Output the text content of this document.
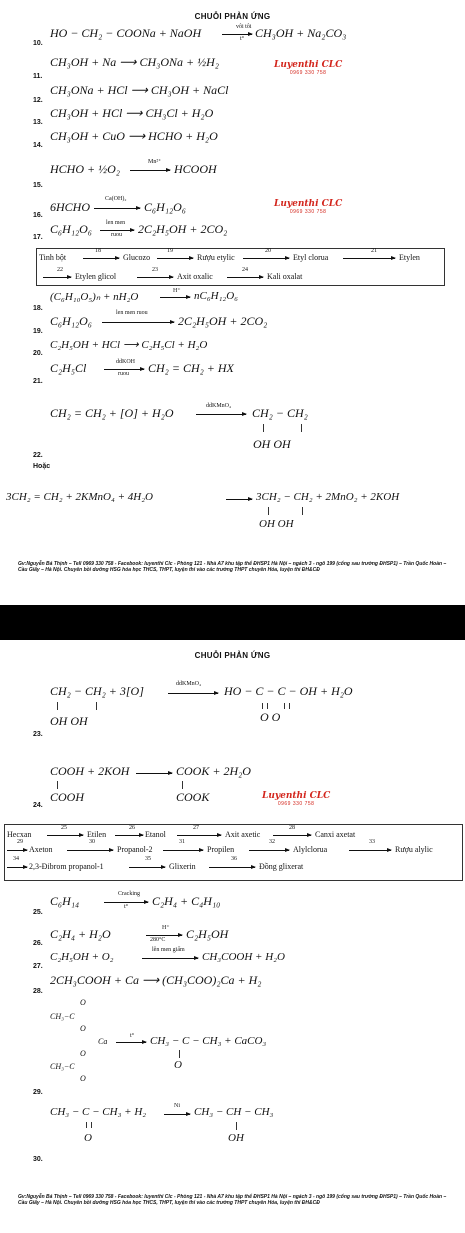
CHUỖI PHẢN ỨNG
10.
HO − CH₂ − COONa + NaOH	vôi tôi
t° CH₃OH + Na₂CO₃
11.
CH₃OH + Na ⟶ CH₃ONa + ½H₂	Luyenthi CLC
0969 330 758
12.
CH₃ONa + HCl ⟶ CH₃OH + NaCl
13.
CH₃OH + HCl ⟶ CH₃Cl + H₂O
14.
CH₃OH + CuO ⟶ HCHO + H₂O
15.
HCHO + ½O₂	Mn²⁺ → HCOOH
16.
6HCHO
Ca(OH)₂
→ C₆H₁₂O₆	Luyenthi CLC
0969 330 758
17.
C₆H₁₂O₆ len men
ruou 2C₂H₅OH + 2CO₂
Tinh bột
18
Glucozo
19
Rượu etylic
20
Etyl clorua
21
Etylen
22
Etylen glicol
23
Axit oxalic
24
Kali oxalat
18.
(C₆H₁₀O₅)ₙ + nH₂O	H⁺ → nC₆H₁₂O₆
19.
C₆H₁₂O₆
len men ruou
2C₂H₅OH + 2CO₂
20.
C₂H₅OH + HCl ⟶ C₂H₅Cl + H₂O
21.
C₂H₅Cl	ddKOH
ruou CH₂ = CH₂ + HX
CH₂ = CH₂ + [O] + H₂O	ddKMnO₄ → CH₂ − CH₂
OH OH
22.
Hoặc
3CH₂ = CH₂ + 2KMnO₄ + 4H₂O	→ 3CH₂ − CH₂ + 2MnO₂ + 2KOH
OH OH
Gv:Nguyễn Bá Thịnh – Tell 0969 330 758 - Facebook: luyenthi Clc - Phòng 121 - Nhà A7 khu tập thể ĐHSP1 Hà Nội – ngách 3 - ngõ 199 (cổng sau trường ĐHSP1) – Trần Quốc Hoàn – Cầu Giấy – Hà Nội. Chuyên bồi dưỡng HSG hóa học THCS, THPT, luyện thi vào các trường THPT chuyên Hóa, luyện thi ĐH&CĐ
CHUỖI PHẢN ỨNG
CH₂ − CH₂ + 3[O]	ddKMnO₄ → HO − C − C − OH + H₂O
OH OH	O O
23.
COOH + 2KOH → COOK + 2H₂O
COOH	COOK
24.
Luyenthi CLC
0969 330 758
Hecxan
25
Etilen
26
Etanol
27
Axit axetic
28
Canxi axetat
29
Axeton
30
Propanol-2
31
Propilen
32
Alylclorua
33
Rượu alylic
34
2,3-Đibrom propanol-1
35
Glixerin
36
Đồng glixerat
25.
C₆H₁₄	Cracking
t° C₂H₄ + C₄H₁₀
26.
C₂H₄ + H₂O	H⁺
280°C C₂H₅OH
27.
C₂H₅OH + O₂
lên men giấm
→ CH₃COOH + H₂O
28.
2CH₃COOH + Ca ⟶ (CH₃COO)₂Ca + H₂
O
CH₃−C
O
Ca
O
CH₃−C
O
t° → CH₃ − C − CH₃ + CaCO₃
O
29.
CH₃ − C − CH₃ + H₂	Ni → CH₃ − CH − CH₃
O	OH
30.
Gv:Nguyễn Bá Thịnh – Tell 0969 330 758 - Facebook: luyenthi Clc - Phòng 121 - Nhà A7 khu tập thể ĐHSP1 Hà Nội – ngách 3 - ngõ 199 (cổng sau trường ĐHSP1) – Trần Quốc Hoàn – Cầu Giấy – Hà Nội. Chuyên bồi dưỡng HSG hóa học THCS, THPT, luyện thi vào các trường THPT chuyên Hóa, luyện thi ĐH&CĐ
